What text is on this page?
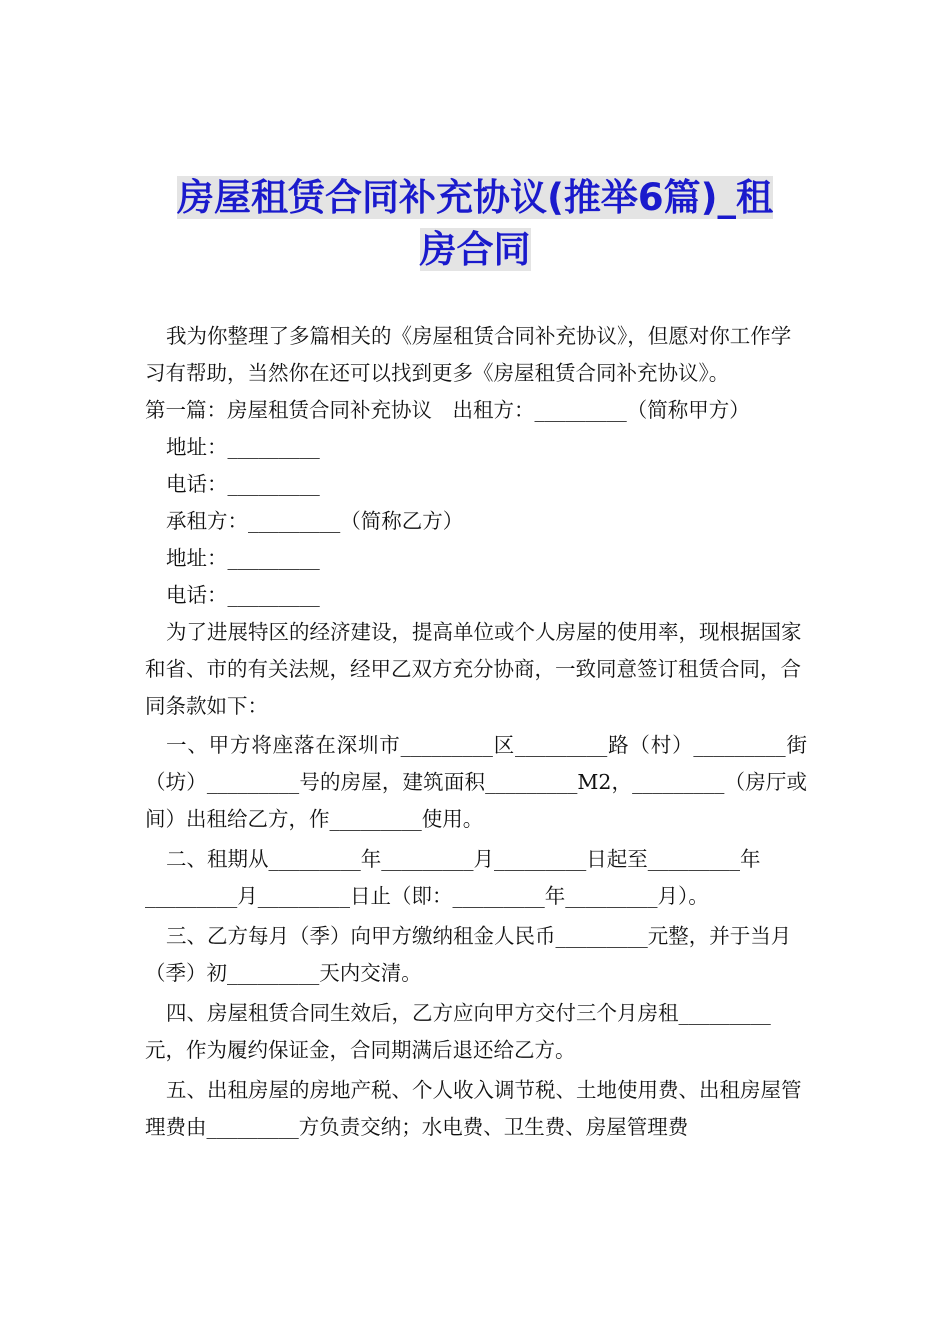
房屋租赁合同补充协议(推举6篇)_租
房合同

我为你整理了多篇相关的《房屋租赁合同补充协议》，但愿对你工作学习有帮助，当然你在还可以找到更多《房屋租赁合同补充协议》。

第一篇：房屋租赁合同补充协议　出租方：_________（简称甲方）

地址：_________

电话：_________

承租方：_________（简称乙方）

地址：_________

电话：_________

为了进展特区的经济建设，提高单位或个人房屋的使用率，现根据国家和省、市的有关法规，经甲乙双方充分协商，一致同意签订租赁合同，合同条款如下：

一、甲方将座落在深圳市_________区_________路（村）_________街（坊）_________号的房屋，建筑面积_________M2，_________（房厅或间）出租给乙方，作_________使用。

二、租期从_________年_________月_________日起至_________年_________月_________日止（即：_________年_________月）。

三、乙方每月（季）向甲方缴纳租金人民币_________元整，并于当月（季）初_________天内交清。

四、房屋租赁合同生效后，乙方应向甲方交付三个月房租_________元，作为履约保证金，合同期满后退还给乙方。

五、出租房屋的房地产税、个人收入调节税、土地使用费、出租房屋管理费由_________方负责交纳；水电费、卫生费、房屋管理费
